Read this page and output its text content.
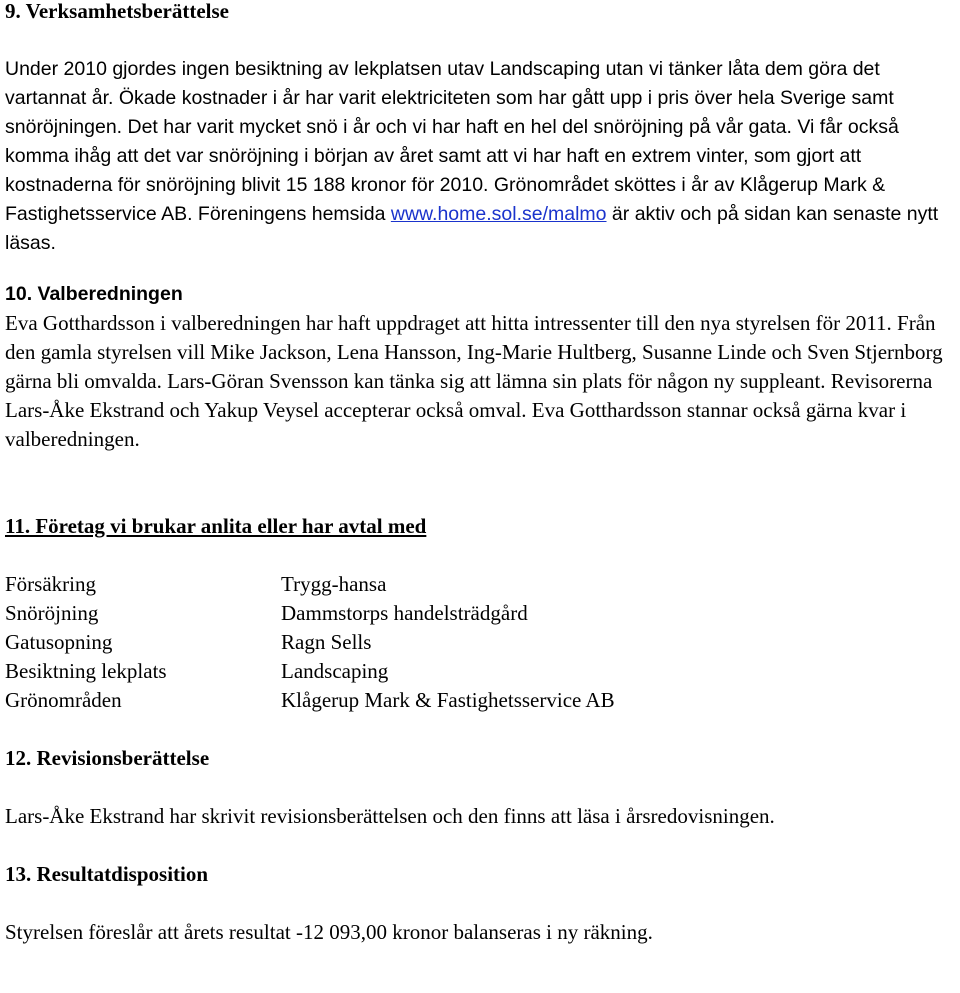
9. Verksamhetsberättelse

Under 2010 gjordes ingen besiktning av lekplatsen utav Landscaping utan vi tänker låta dem göra det vartannat år. Ökade kostnader i år har varit elektriciteten som har gått upp i pris över hela Sverige samt snöröjningen. Det har varit mycket snö i år och vi har haft en hel del snöröjning på vår gata. Vi får också komma ihåg att det var snöröjning i början av året samt att vi har haft en extrem vinter, som gjort att kostnaderna för snöröjning blivit 15 188 kronor för 2010. Grönområdet sköttes i år av Klågerup Mark & Fastighetsservice AB. Föreningens hemsida www.home.sol.se/malmo är aktiv och på sidan kan senaste nytt läsas.

10. Valberedningen

Eva Gotthardsson i valberedningen har haft uppdraget att hitta intressenter till den nya styrelsen för 2011. Från den gamla styrelsen vill Mike Jackson, Lena Hansson, Ing-Marie Hultberg, Susanne Linde och Sven Stjernborg gärna bli omvalda. Lars-Göran Svensson kan tänka sig att lämna sin plats för någon ny suppleant. Revisorerna Lars-Åke Ekstrand och Yakup Veysel accepterar också omval. Eva Gotthardsson stannar också gärna kvar i valberedningen.

11. Företag vi brukar anlita eller har avtal med
Försäkring	Trygg-hansa
Snöröjning	Dammstorps handelsträdgård
Gatusopning	Ragn Sells
Besiktning lekplats	Landscaping
Grönområden	Klågerup Mark & Fastighetsservice AB
12. Revisionsberättelse

Lars-Åke Ekstrand har skrivit revisionsberättelsen och den finns att läsa i årsredovisningen.

13. Resultatdisposition

Styrelsen föreslår att årets resultat -12 093,00 kronor balanseras i ny räkning.
